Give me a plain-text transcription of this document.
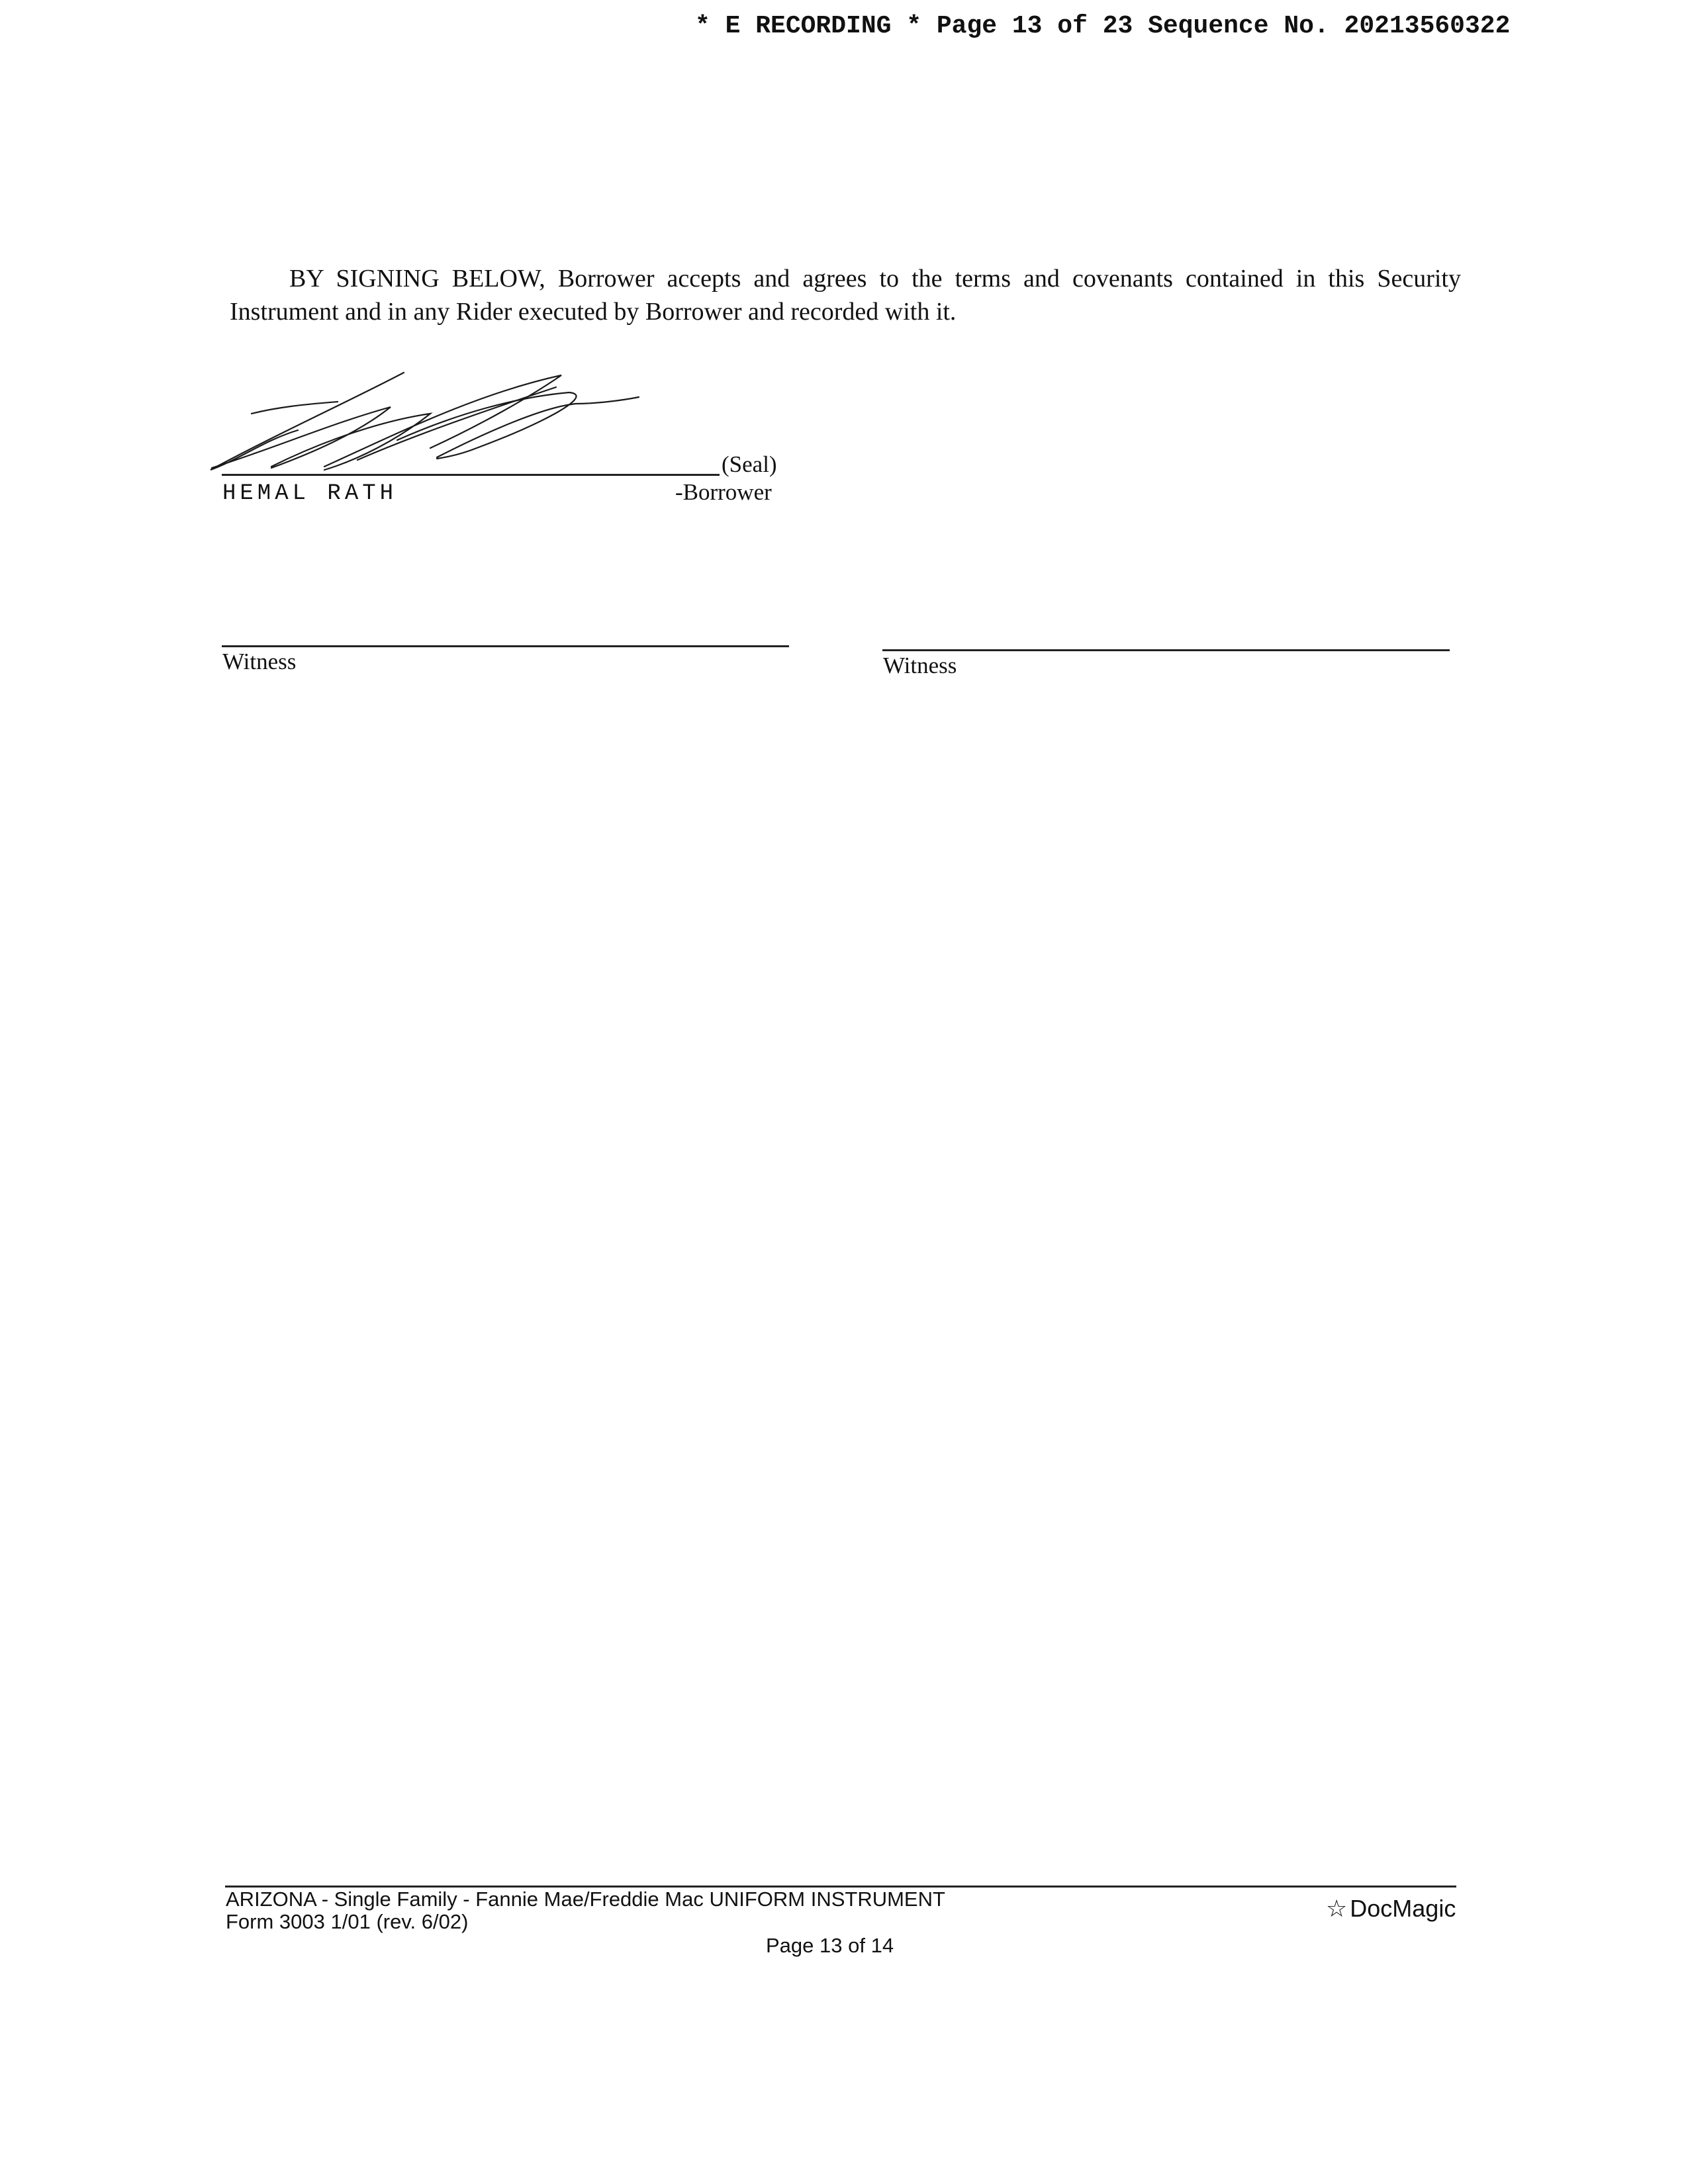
* E RECORDING * Page 13 of 23 Sequence No. 20213560322

BY SIGNING BELOW, Borrower accepts and agrees to the terms and covenants contained in this Security Instrument and in any Rider executed by Borrower and recorded with it.

(Seal)
HEMAL RATH	-Borrower
Witness	Witness
ARIZONA - Single Family - Fannie Mae/Freddie Mac UNIFORM INSTRUMENT
Form 3003 1/01 (rev. 6/02)
Page 13 of 14
☆ DocMagic
